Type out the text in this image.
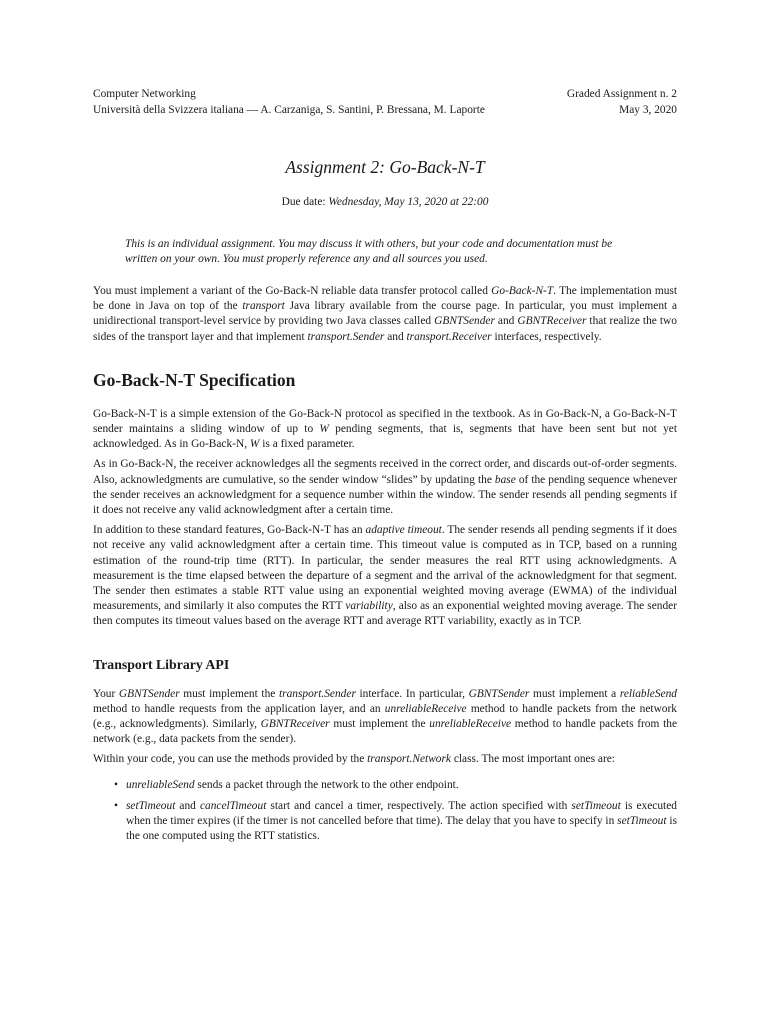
Computer Networking
Università della Svizzera italiana — A. Carzaniga, S. Santini, P. Bressana, M. Laporte
Graded Assignment n. 2
May 3, 2020
Assignment 2: Go-Back-N-T
Due date: Wednesday, May 13, 2020 at 22:00
This is an individual assignment. You may discuss it with others, but your code and documentation must be written on your own. You must properly reference any and all sources you used.

You must implement a variant of the Go-Back-N reliable data transfer protocol called Go-Back-N-T. The implementation must be done in Java on top of the transport Java library available from the course page. In particular, you must implement a unidirectional transport-level service by providing two Java classes called GBNTSender and GBNTReceiver that realize the two sides of the transport layer and that implement transport.Sender and transport.Receiver interfaces, respectively.

Go-Back-N-T Specification

Go-Back-N-T is a simple extension of the Go-Back-N protocol as specified in the textbook. As in Go-Back-N, a Go-Back-N-T sender maintains a sliding window of up to W pending segments, that is, segments that have been sent but not yet acknowledged. As in Go-Back-N, W is a fixed parameter.

As in Go-Back-N, the receiver acknowledges all the segments received in the correct order, and discards out-of-order segments. Also, acknowledgments are cumulative, so the sender window “slides” by updating the base of the pending sequence whenever the sender receives an acknowledgment for a sequence number within the window. The sender resends all pending segments if it does not receive any valid acknowledgment after a certain time.

In addition to these standard features, Go-Back-N-T has an adaptive timeout. The sender resends all pending segments if it does not receive any valid acknowledgment after a certain time. This timeout value is computed as in TCP, based on a running estimation of the round-trip time (RTT). In particular, the sender measures the real RTT using acknowledgments. A measurement is the time elapsed between the departure of a segment and the arrival of the acknowledgment for that segment. The sender then estimates a stable RTT value using an exponential weighted moving average (EWMA) of the individual measurements, and similarly it also computes the RTT variability, also as an exponential weighted moving average. The sender then computes its timeout values based on the average RTT and average RTT variability, exactly as in TCP.

Transport Library API

Your GBNTSender must implement the transport.Sender interface. In particular, GBNTSender must implement a reliableSend method to handle requests from the application layer, and an unreliableReceive method to handle packets from the network (e.g., acknowledgments). Similarly, GBNTReceiver must implement the unreliableReceive method to handle packets from the network (e.g., data packets from the sender).

Within your code, you can use the methods provided by the transport.Network class. The most important ones are:

• unreliableSend sends a packet through the network to the other endpoint.
• setTimeout and cancelTimeout start and cancel a timer, respectively. The action specified with setTimeout is executed when the timer expires (if the timer is not cancelled before that time). The delay that you have to specify in setTimeout is the one computed using the RTT statistics.
